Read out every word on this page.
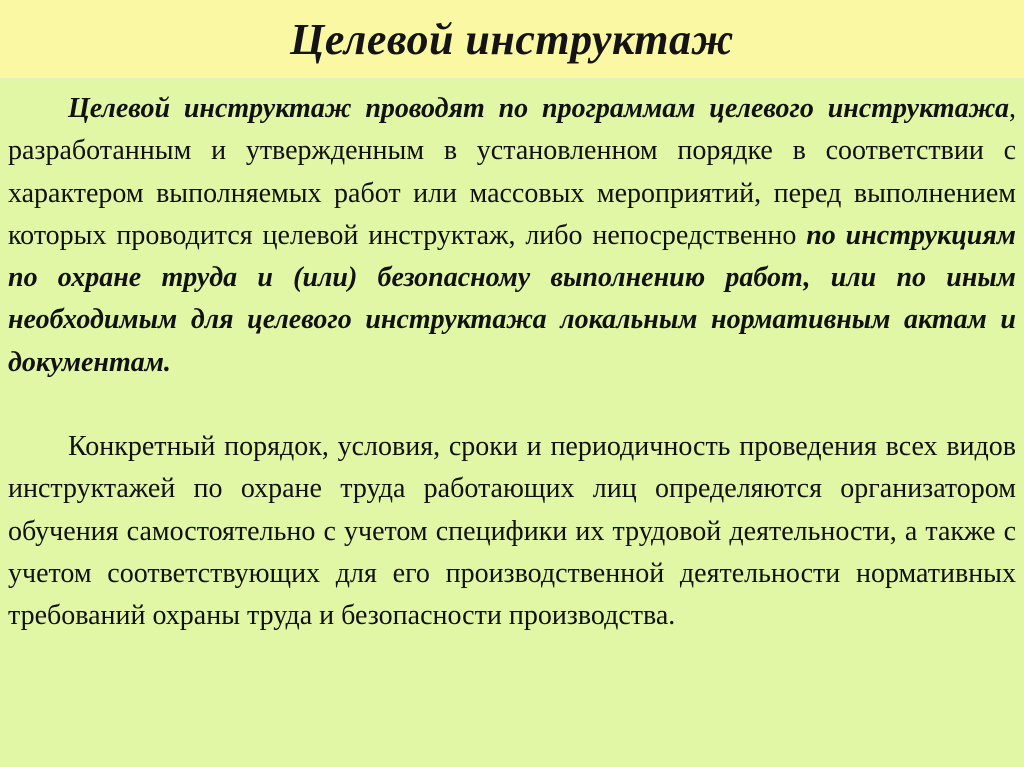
Целевой инструктаж

Целевой инструктаж проводят по программам целевого инструктажа, разработанным и утвержденным в установленном порядке в соответствии с характером выполняемых работ или массовых мероприятий, перед выполнением которых проводится целевой инструктаж, либо непосредственно по инструкциям по охране труда и (или) безопасному выполнению работ, или по иным необходимым для целевого инструктажа локальным нормативным актам и документам.

Конкретный порядок, условия, сроки и периодичность проведения всех видов инструктажей по охране труда работающих лиц определяются организатором обучения самостоятельно с учетом специфики их трудовой деятельности, а также с учетом соответствующих для его производственной деятельности нормативных требований охраны труда и безопасности производства.
